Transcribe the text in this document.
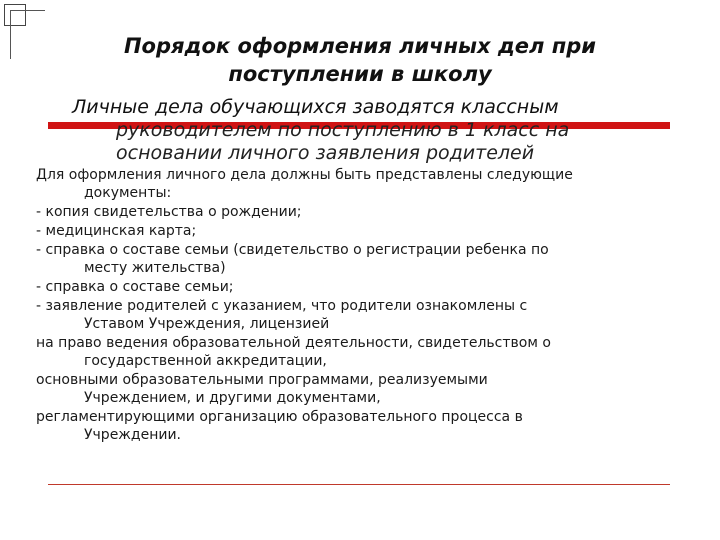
Порядок оформления личных дел при
поступлении в школу
Личные дела обучающихся заводятся классным
руководителем по поступлению в 1 класс на
основании личного заявления родителей
Для оформления личного дела должны быть представлены следующие
документы:
- копия свидетельства о рождении;
- медицинская карта;
- справка о составе семьи (свидетельство о регистрации ребенка по
месту жительства)
- справка о составе семьи;
- заявление родителей с указанием, что родители ознакомлены с
Уставом Учреждения, лицензией
на право ведения образовательной деятельности, свидетельством о
государственной аккредитации,
основными образовательными программами, реализуемыми
Учреждением, и другими документами,
регламентирующими организацию образовательного процесса в
Учреждении.
